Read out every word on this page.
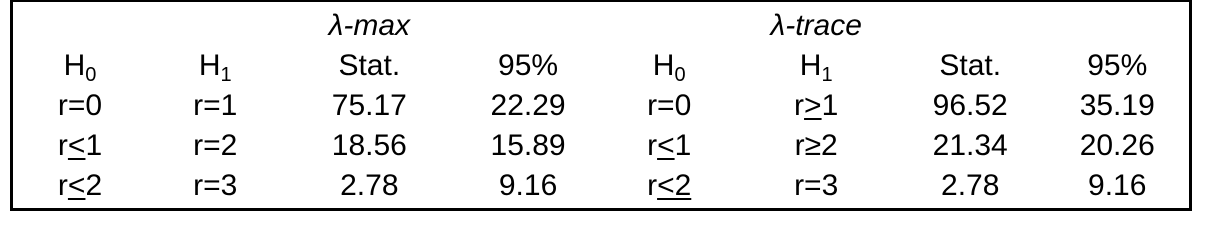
		λ-max			λ-trace		
$H_0$	$H_1$	Stat.	95%	$H_0$	$H_1$	Stat.	95%
r=0	r=1	75.17	22.29	r=0	r>1	96.52	35.19
r<1	r=2	18.56	15.89	r<1	r≥2	21.34	20.26
r<2	r=3	2.78	9.16	r<2	r=3	2.78	9.16
